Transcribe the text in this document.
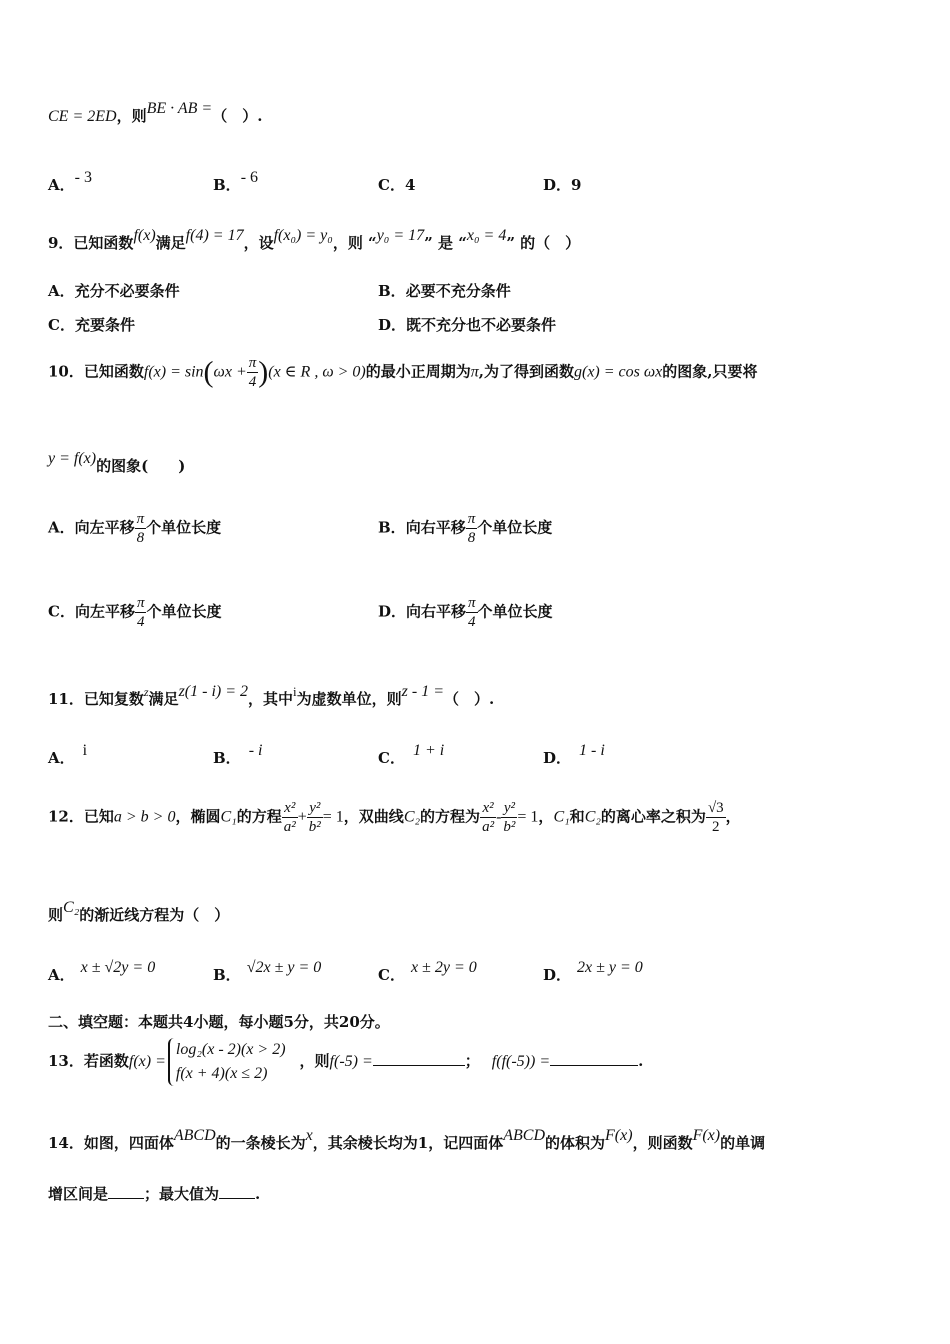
CE = 2ED，则BE · AB =（　）.
A．- 3	B．- 6	C．4	D．9
9．已知函数f(x)满足f(4) = 17，设f(x₀) = y₀，则 “y₀ = 17” 是 “x₀ = 4” 的（　）
A．充分不必要条件	B．必要不充分条件
C．充要条件	D．既不充分也不必要条件
10．已知函数$f(x) = \sin(\omega x + \frac{\pi}{4} )(x$ ∈ R , ω > 0)的最小正周期为π,为了得到函数g(x) = cos ωx的图象,只要将
y = f(x)的图象(　　)
A．向左平移 $\frac{\pi}{8}$ 个单位长度	B．向右平移 $\frac{\pi}{8}$ 个单位长度
C．向左平移 $\frac{\pi}{4}$ 个单位长度	D．向右平移 $\frac{\pi}{4}$ 个单位长度
11．已知复数$^z$满足z(1 - i) = 2，其中i为虚数单位，则z - 1 =（　）.
A． i	B． - i	C． 1 + i	D． 1 - i
12．已知a > b > 0，椭圆C₁的方程 $\frac{\text{x²}}{\text{a²}} + \frac{\text{y²}}{\text{b²}} = 1$，双曲线C₂的方程为 $\frac{\text{x²}}{\text{a²}} - \frac{\text{y²}}{\text{b²}} = 1$，C₁和C₂的离心率之积为 $\frac{√3}{2}$ ，
则C₂的渐近线方程为（　）
A． x ± √2y = 0	B． √2x ± y = 0	C． x ± 2y = 0	D． 2x ± y = 0
二、填空题：本题共4小题，每小题5分，共20分。
13．若函数f(x) =
log₂(x - 2)(x > 2)
f(x + 4)(x ≤ 2)
，则f(-5) =	； f(f(-5)) =	.
14．如图，四面体ABCD的一条棱长为x，其余棱长均为1，记四面体ABCD的体积为F(x)，则函数F(x)的单调
增区间是 ；最大值为 .
